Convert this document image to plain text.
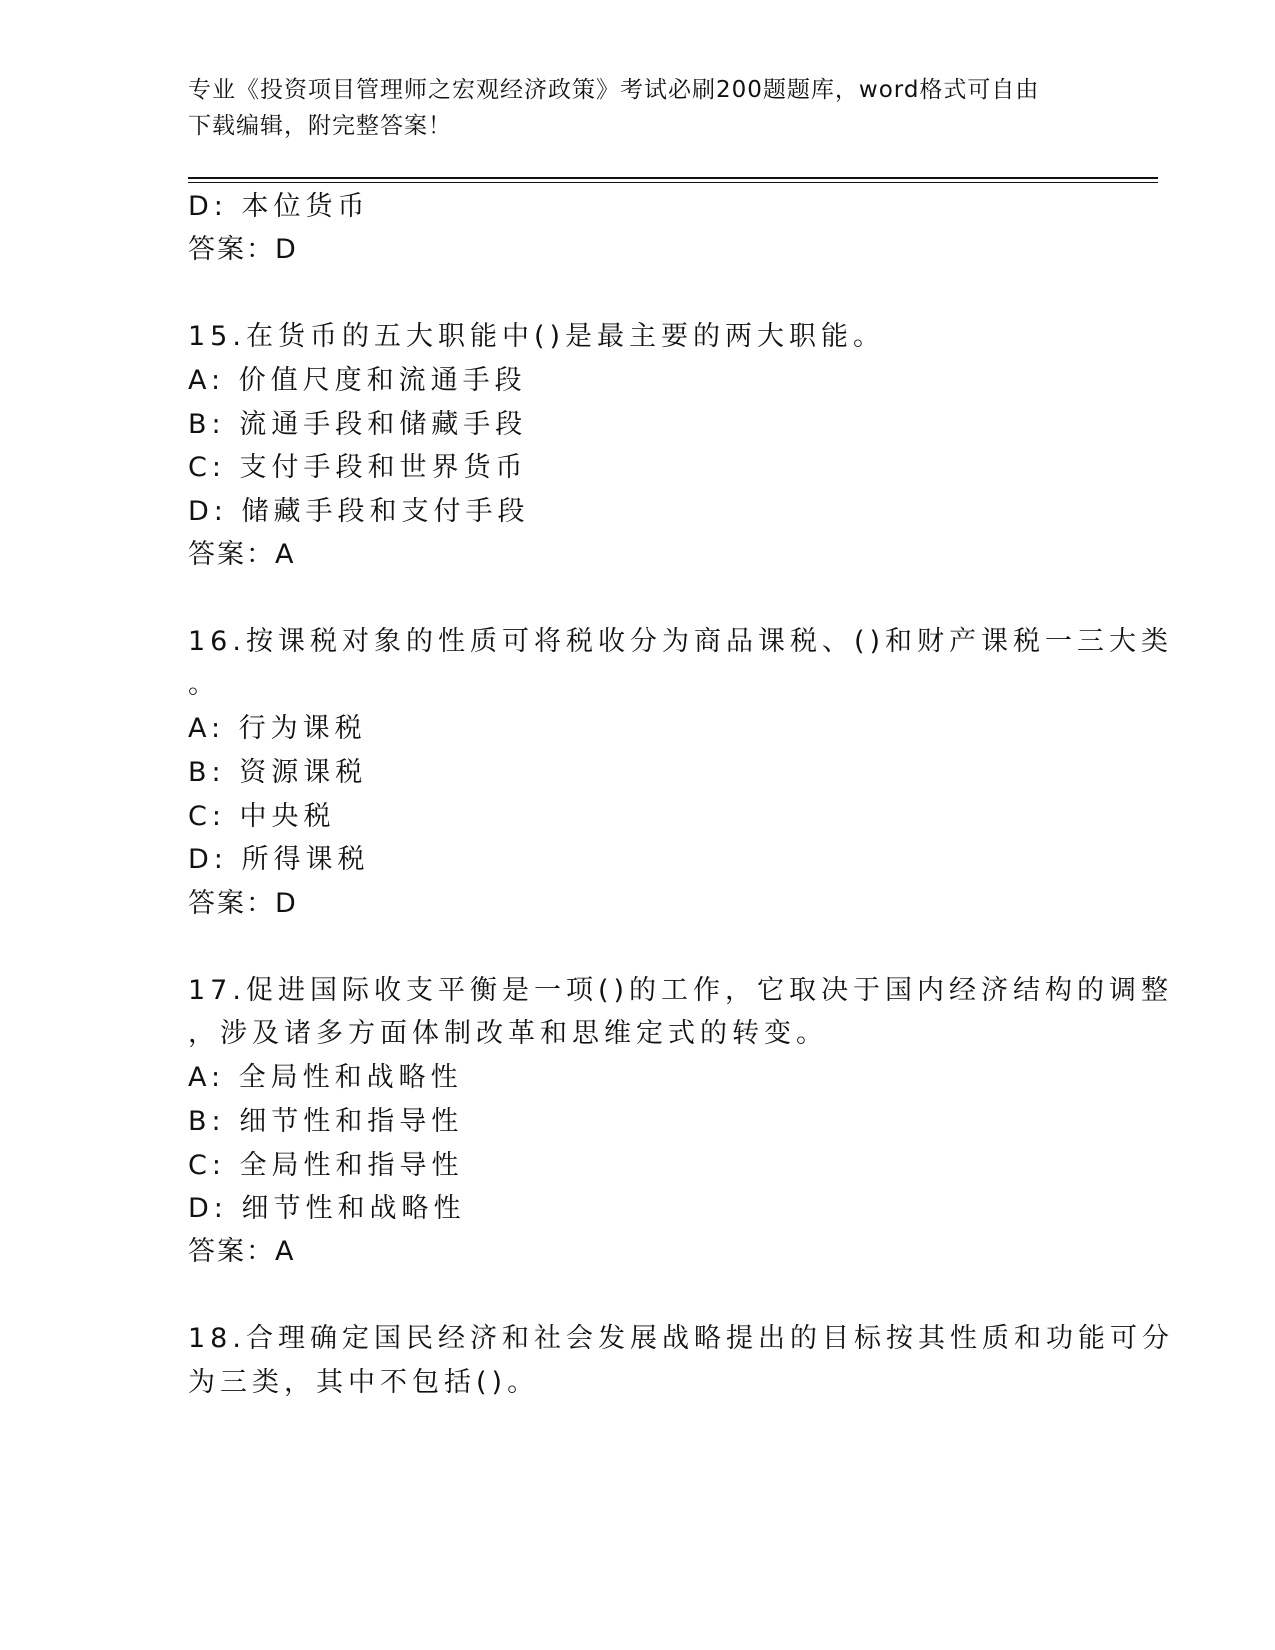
专业《投资项目管理师之宏观经济政策》考试必刷200题题库，word格式可自由
下载编辑，附完整答案！
D: 本位货币
答案：D
15.在货币的五大职能中()是最主要的两大职能。
A: 价值尺度和流通手段
B: 流通手段和储藏手段
C: 支付手段和世界货币
D: 储藏手段和支付手段
答案：A
16.按课税对象的性质可将税收分为商品课税、()和财产课税一三大类
。
A: 行为课税
B: 资源课税
C: 中央税
D: 所得课税
答案：D
17.促进国际收支平衡是一项()的工作，它取决于国内经济结构的调整
，涉及诸多方面体制改革和思维定式的转变。
A: 全局性和战略性
B: 细节性和指导性
C: 全局性和指导性
D: 细节性和战略性
答案：A
18.合理确定国民经济和社会发展战略提出的目标按其性质和功能可分
为三类，其中不包括()。
